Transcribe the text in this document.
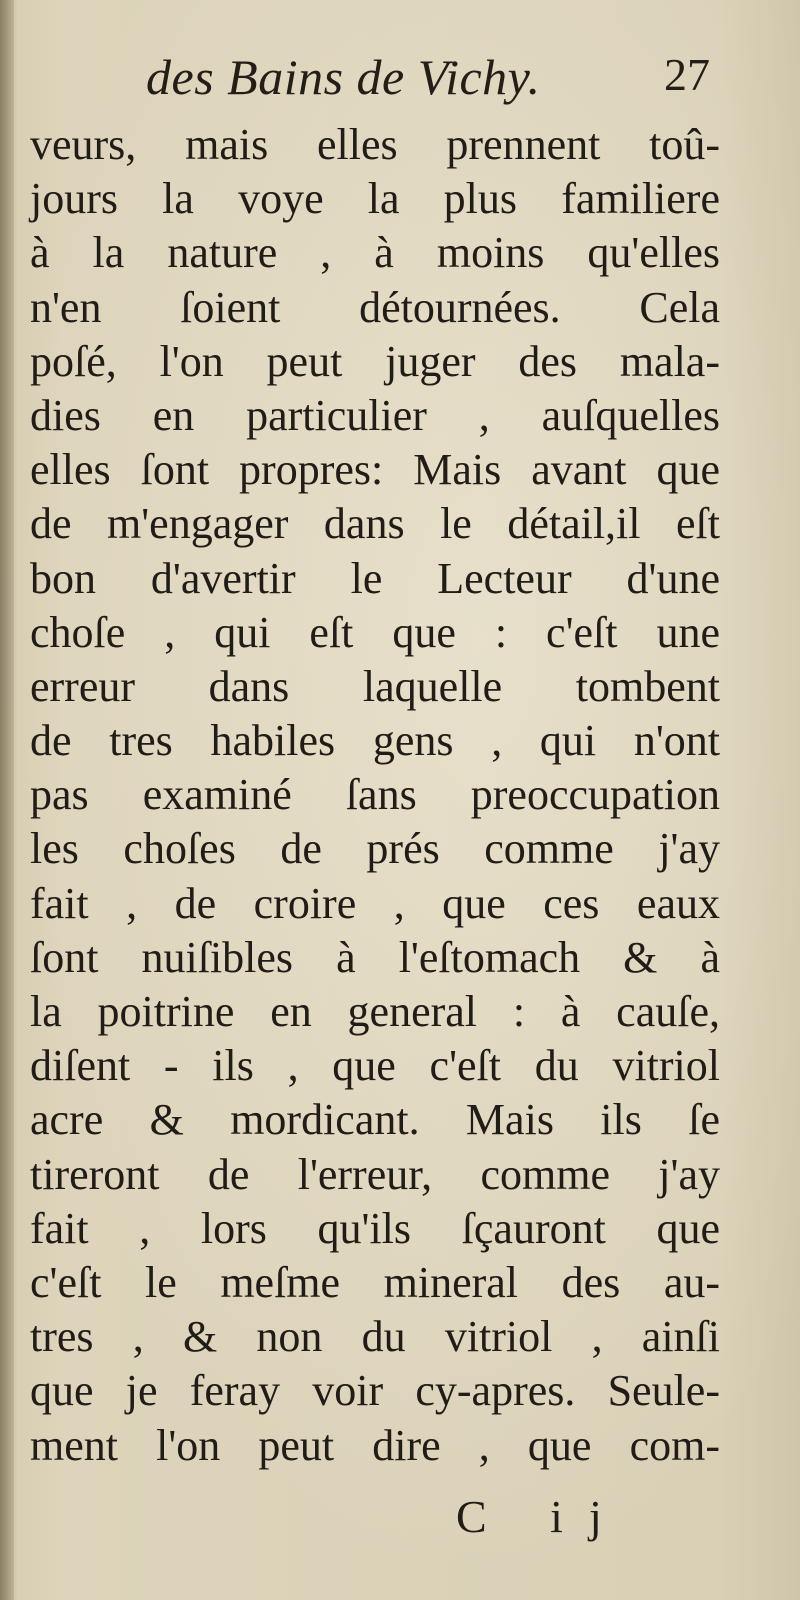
des Bains de Vichy.	27
veurs, mais elles prennent toû-
jours la voye la plus familiere
à la nature , à moins qu'elles
n'en ſoient détournées. Cela
poſé, l'on peut juger des mala-
dies en particulier , auſquelles
elles ſont propres: Mais avant que
de m'engager dans le détail,il eſt
bon d'avertir le Lecteur d'une
choſe , qui eſt que : c'eſt une
erreur dans laquelle tombent
de tres habiles gens , qui n'ont
pas examiné ſans preoccupation
les choſes de prés comme j'ay
fait , de croire , que ces eaux
ſont nuiſibles à l'eſtomach & à
la poitrine en general : à cauſe,
diſent - ils , que c'eſt du vitriol
acre & mordicant. Mais ils ſe
tireront de l'erreur, comme j'ay
fait , lors qu'ils ſçauront que
c'eſt le meſme mineral des au-
tres , & non du vitriol , ainſi
que je feray voir cy-apres. Seule-
ment l'on peut dire , que com-
C ij
